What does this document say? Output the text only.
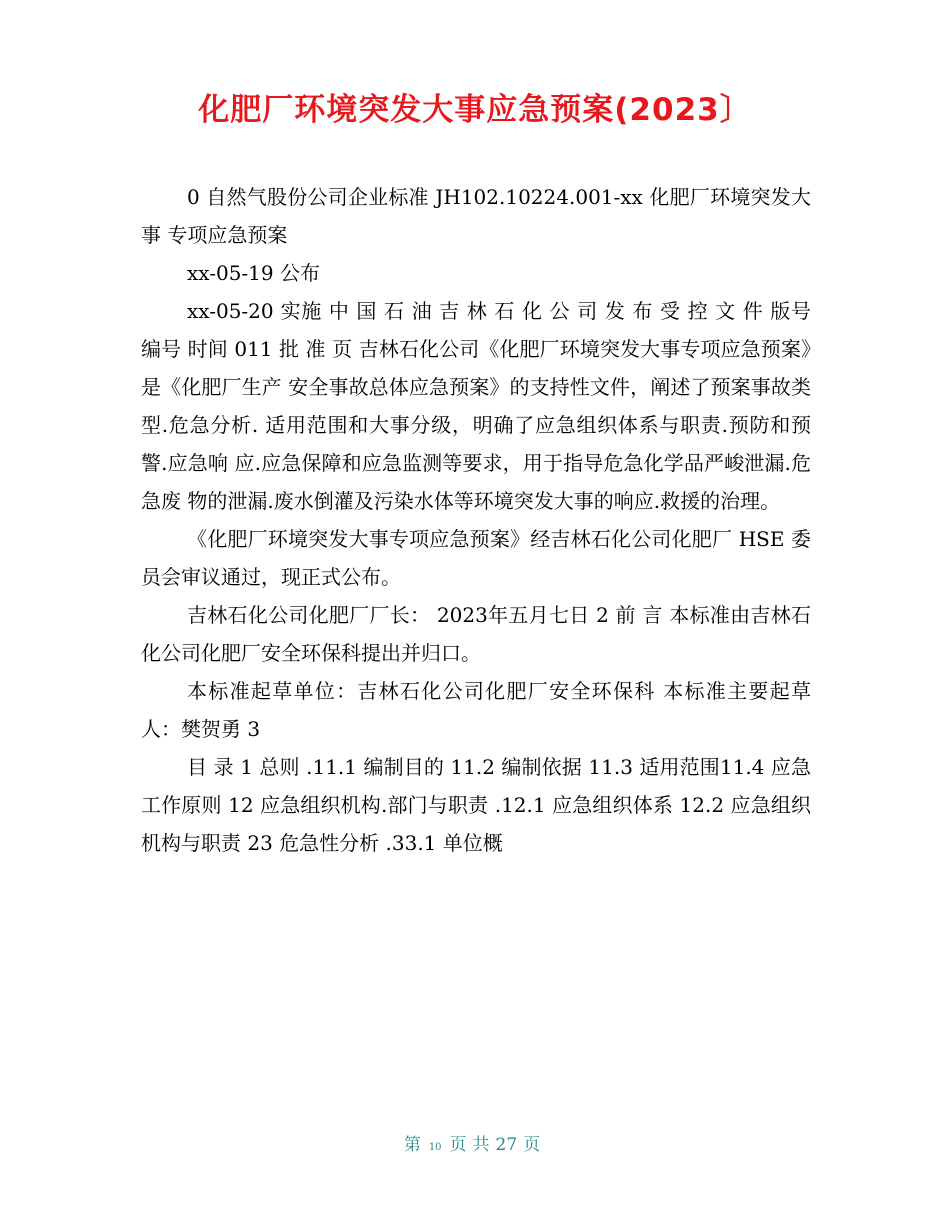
化肥厂环境突发大事应急预案(2023〕

0 自然气股份公司企业标准 JH102.10224.001-xx 化肥厂环境突发大事 专项应急预案

xx-05-19 公布

xx-05-20 实施 中 国 石 油 吉 林 石 化 公 司 发 布 受 控 文 件 版号 编号 时间 011 批 准 页 吉林石化公司《化肥厂环境突发大事专项应急预案》是《化肥厂生产 安全事故总体应急预案》的支持性文件，阐述了预案事故类型.危急分析. 适用范围和大事分级，明确了应急组织体系与职责.预防和预警.应急响 应.应急保障和应急监测等要求，用于指导危急化学品严峻泄漏.危急废 物的泄漏.废水倒灌及污染水体等环境突发大事的响应.救援的治理。

《化肥厂环境突发大事专项应急预案》经吉林石化公司化肥厂 HSE 委 员会审议通过，现正式公布。

吉林石化公司化肥厂厂长： 2023年五月七日 2 前 言 本标准由吉林石化公司化肥厂安全环保科提出并归口。

本标准起草单位：吉林石化公司化肥厂安全环保科 本标准主要起草人：樊贺勇 3

目 录 1 总则 .11.1 编制目的 11.2 编制依据 11.3 适用范围11.4 应急工作原则 12 应急组织机构.部门与职责 .12.1 应急组织体系 12.2 应急组织机构与职责 23 危急性分析 .33.1 单位概

第 10 页 共 27 页
